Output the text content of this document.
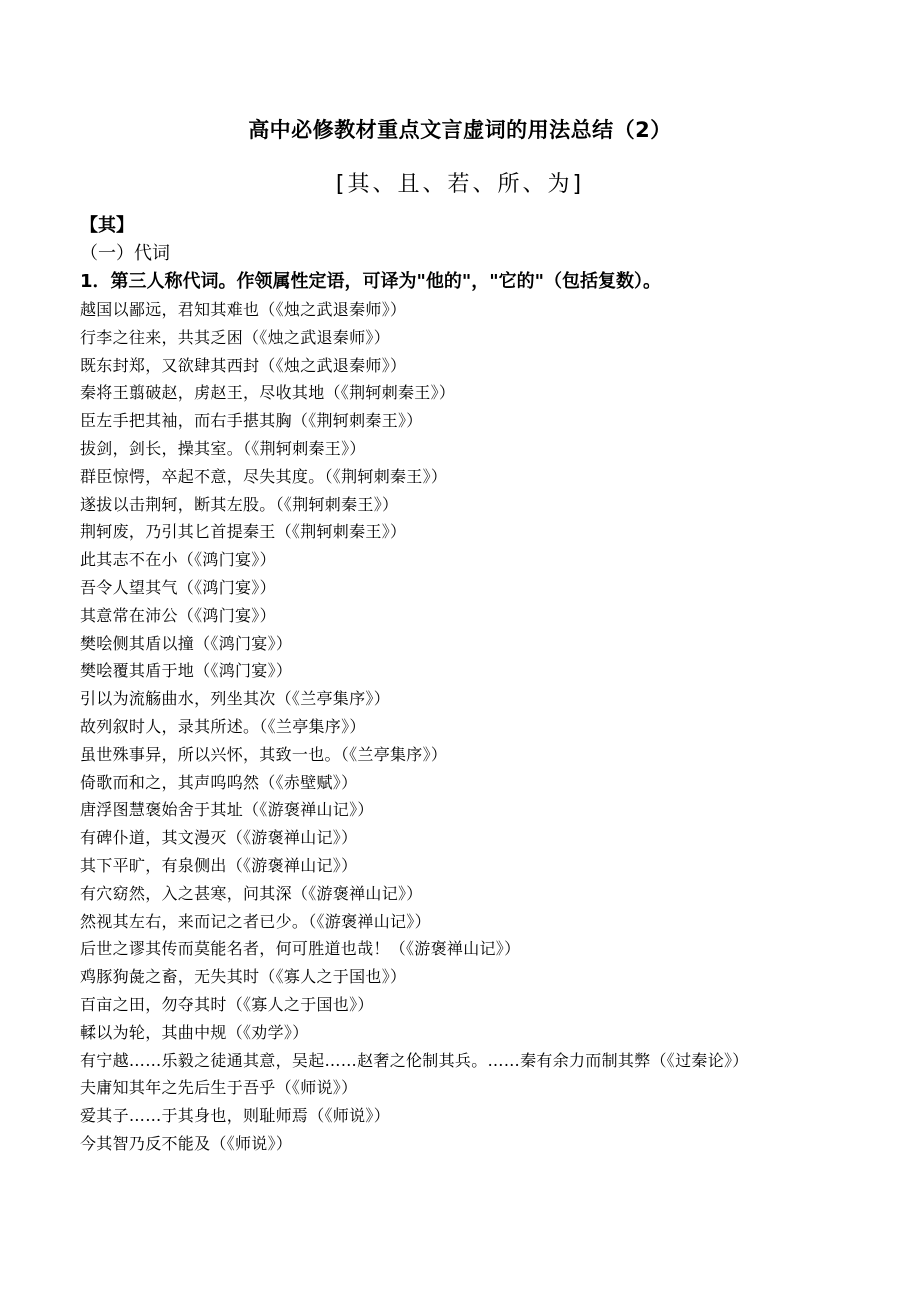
高中必修教材重点文言虚词的用法总结（2）
[其、且、若、所、为]
【其】
（一）代词
1．第三人称代词。作领属性定语，可译为"他的"，"它的"（包括复数）。
越国以鄙远，君知其难也（《烛之武退秦师》）
行李之往来，共其乏困（《烛之武退秦师》）
既东封郑，又欲肆其西封（《烛之武退秦师》）
秦将王翦破赵，虏赵王，尽收其地（《荆轲刺秦王》）
臣左手把其袖，而右手揕其胸（《荆轲刺秦王》）
拔剑，剑长，操其室。（《荆轲刺秦王》）
群臣惊愕，卒起不意，尽失其度。（《荆轲刺秦王》）
遂拔以击荆轲，断其左股。（《荆轲刺秦王》）
荆轲废，乃引其匕首提秦王（《荆轲刺秦王》）
此其志不在小（《鸿门宴》）
吾令人望其气（《鸿门宴》）
其意常在沛公（《鸿门宴》）
樊哙侧其盾以撞（《鸿门宴》）
樊哙覆其盾于地（《鸿门宴》）
引以为流觞曲水，列坐其次（《兰亭集序》）
故列叙时人，录其所述。（《兰亭集序》）
虽世殊事异，所以兴怀，其致一也。（《兰亭集序》）
倚歌而和之，其声呜呜然（《赤壁赋》）
唐浮图慧褒始舍于其址（《游褒禅山记》）
有碑仆道，其文漫灭（《游褒禅山记》）
其下平旷，有泉侧出（《游褒禅山记》）
有穴窈然，入之甚寒，问其深（《游褒禅山记》）
然视其左右，来而记之者已少。（《游褒禅山记》）
后世之谬其传而莫能名者，何可胜道也哉！（《游褒禅山记》）
鸡豚狗彘之畜，无失其时（《寡人之于国也》）
百亩之田，勿夺其时（《寡人之于国也》）
輮以为轮，其曲中规（《劝学》）
有宁越……乐毅之徒通其意，吴起……赵奢之伦制其兵。……秦有余力而制其弊（《过秦论》）
夫庸知其年之先后生于吾乎（《师说》）
爱其子……于其身也，则耻师焉（《师说》）
今其智乃反不能及（《师说》）
